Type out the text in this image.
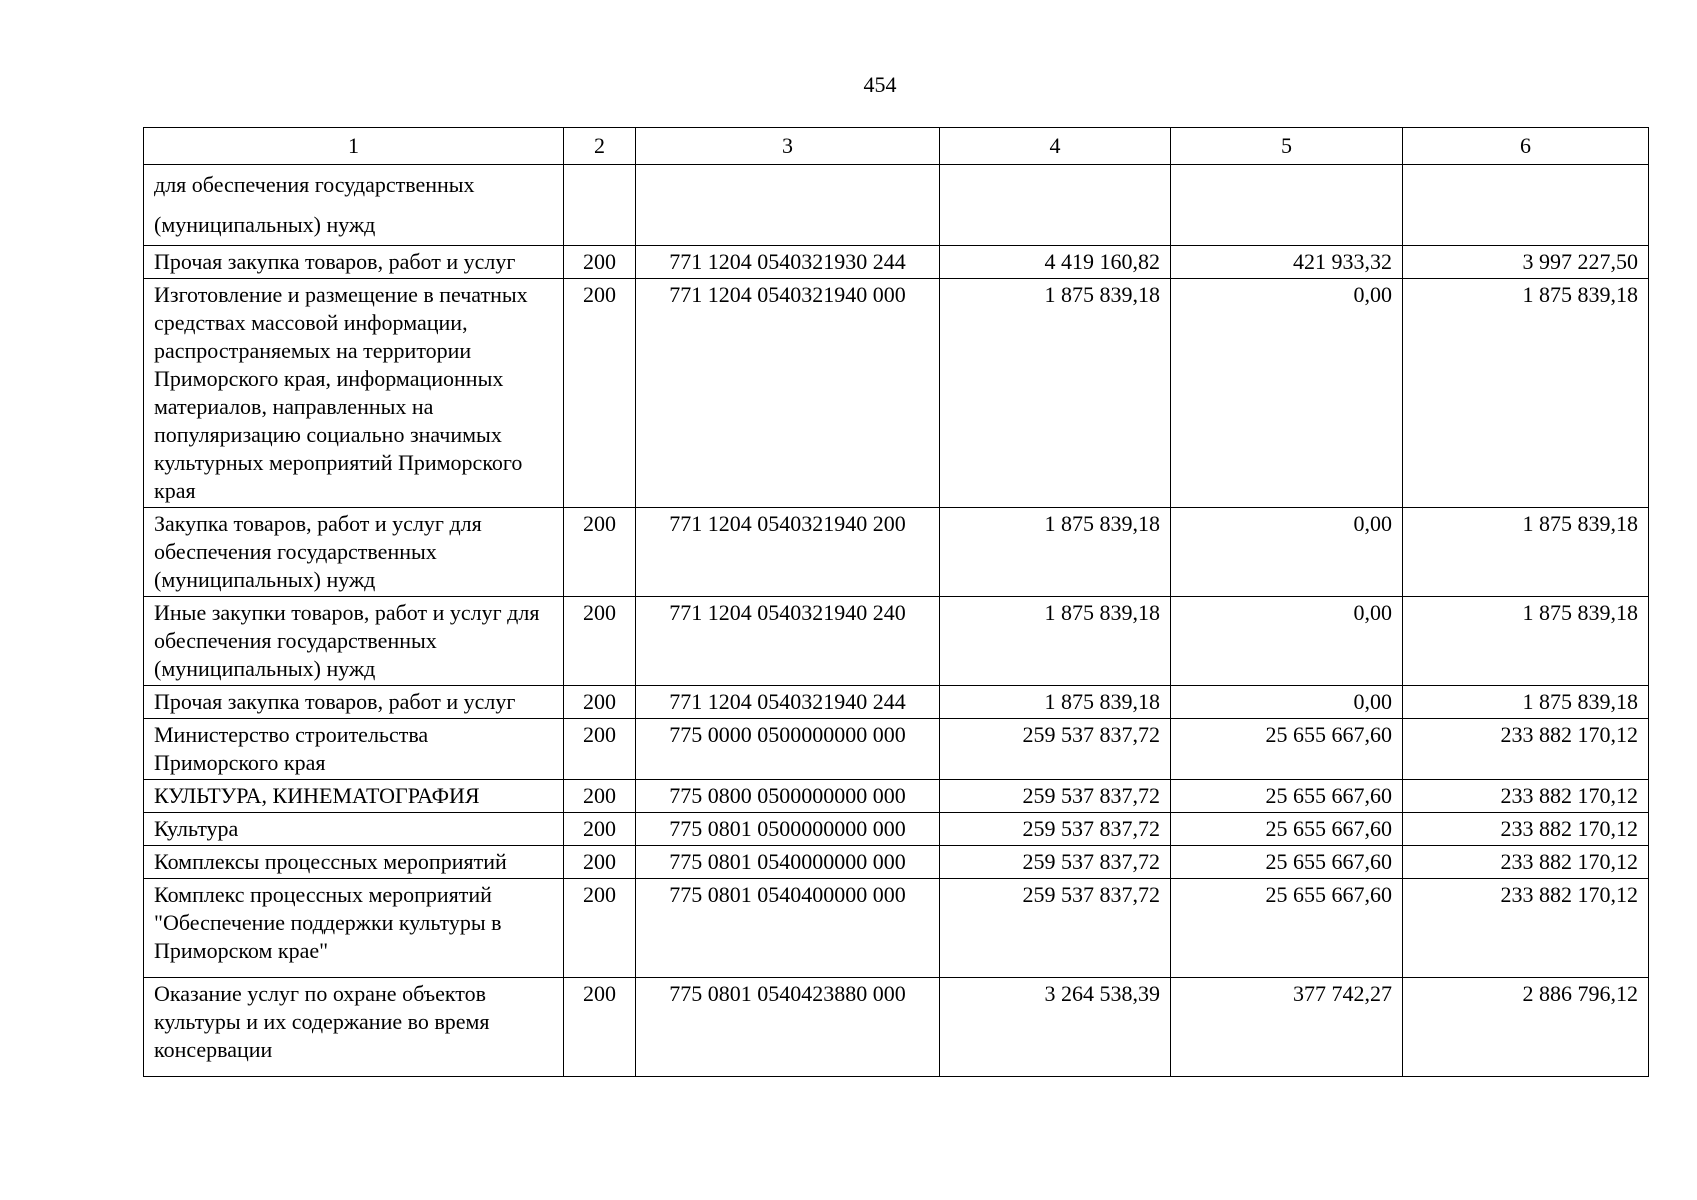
454
1	2	3	4	5	6
для обеспечения государственных (муниципальных) нужд					
Прочая закупка товаров, работ и услуг	200	771 1204 0540321930 244	4 419 160,82	421 933,32	3 997 227,50
Изготовление и размещение в печатных средствах массовой информации, распространяемых на территории Приморского края, информационных материалов, направленных на популяризацию социально значимых культурных мероприятий Приморского края	200	771 1204 0540321940 000	1 875 839,18	0,00	1 875 839,18
Закупка товаров, работ и услуг для обеспечения государственных (муниципальных) нужд	200	771 1204 0540321940 200	1 875 839,18	0,00	1 875 839,18
Иные закупки товаров, работ и услуг для обеспечения государственных (муниципальных) нужд	200	771 1204 0540321940 240	1 875 839,18	0,00	1 875 839,18
Прочая закупка товаров, работ и услуг	200	771 1204 0540321940 244	1 875 839,18	0,00	1 875 839,18
Министерство строительства Приморского края	200	775 0000 0500000000 000	259 537 837,72	25 655 667,60	233 882 170,12
КУЛЬТУРА, КИНЕМАТОГРАФИЯ	200	775 0800 0500000000 000	259 537 837,72	25 655 667,60	233 882 170,12
Культура	200	775 0801 0500000000 000	259 537 837,72	25 655 667,60	233 882 170,12
Комплексы процессных мероприятий	200	775 0801 0540000000 000	259 537 837,72	25 655 667,60	233 882 170,12
Комплекс процессных мероприятий "Обеспечение поддержки культуры в Приморском крае"	200	775 0801 0540400000 000	259 537 837,72	25 655 667,60	233 882 170,12
Оказание услуг по охране объектов культуры и их содержание во время консервации	200	775 0801 0540423880 000	3 264 538,39	377 742,27	2 886 796,12
